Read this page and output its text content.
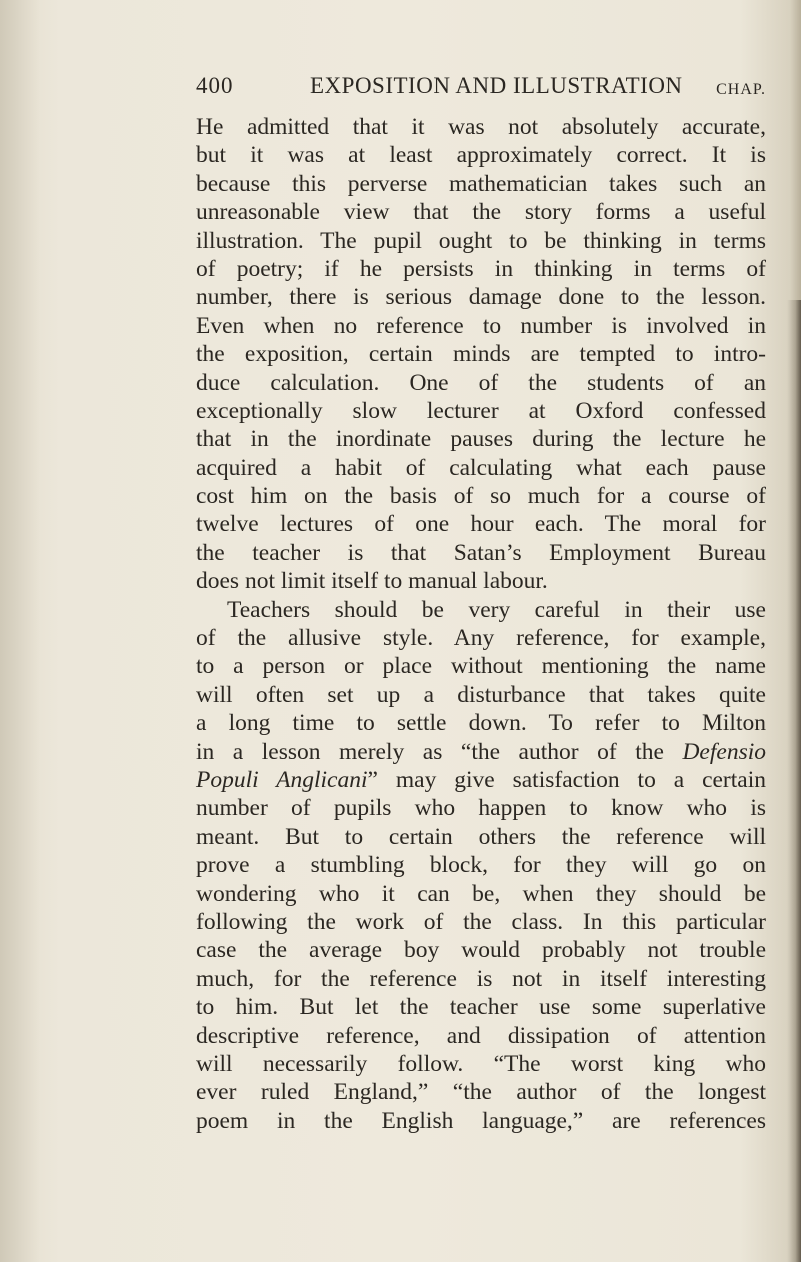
400	EXPOSITION AND ILLUSTRATION CHAP.
He admitted that it was not absolutely accurate,
but it was at least approximately correct. It is
because this perverse mathematician takes such an
unreasonable view that the story forms a useful
illustration. The pupil ought to be thinking in terms
of poetry; if he persists in thinking in terms of
number, there is serious damage done to the lesson.
Even when no reference to number is involved in
the exposition, certain minds are tempted to intro-
duce calculation. One of the students of an
exceptionally slow lecturer at Oxford confessed
that in the inordinate pauses during the lecture he
acquired a habit of calculating what each pause
cost him on the basis of so much for a course of
twelve lectures of one hour each. The moral for
the teacher is that Satan’s Employment Bureau
does not limit itself to manual labour.
Teachers should be very careful in their use
of the allusive style. Any reference, for example,
to a person or place without mentioning the name
will often set up a disturbance that takes quite
a long time to settle down. To refer to Milton
in a lesson merely as “the author of the Defensio
Populi Anglicani” may give satisfaction to a certain
number of pupils who happen to know who is
meant. But to certain others the reference will
prove a stumbling block, for they will go on
wondering who it can be, when they should be
following the work of the class. In this particular
case the average boy would probably not trouble
much, for the reference is not in itself interesting
to him. But let the teacher use some superlative
descriptive reference, and dissipation of attention
will necessarily follow. “The worst king who
ever ruled England,” “the author of the longest
poem in the English language,” are references
